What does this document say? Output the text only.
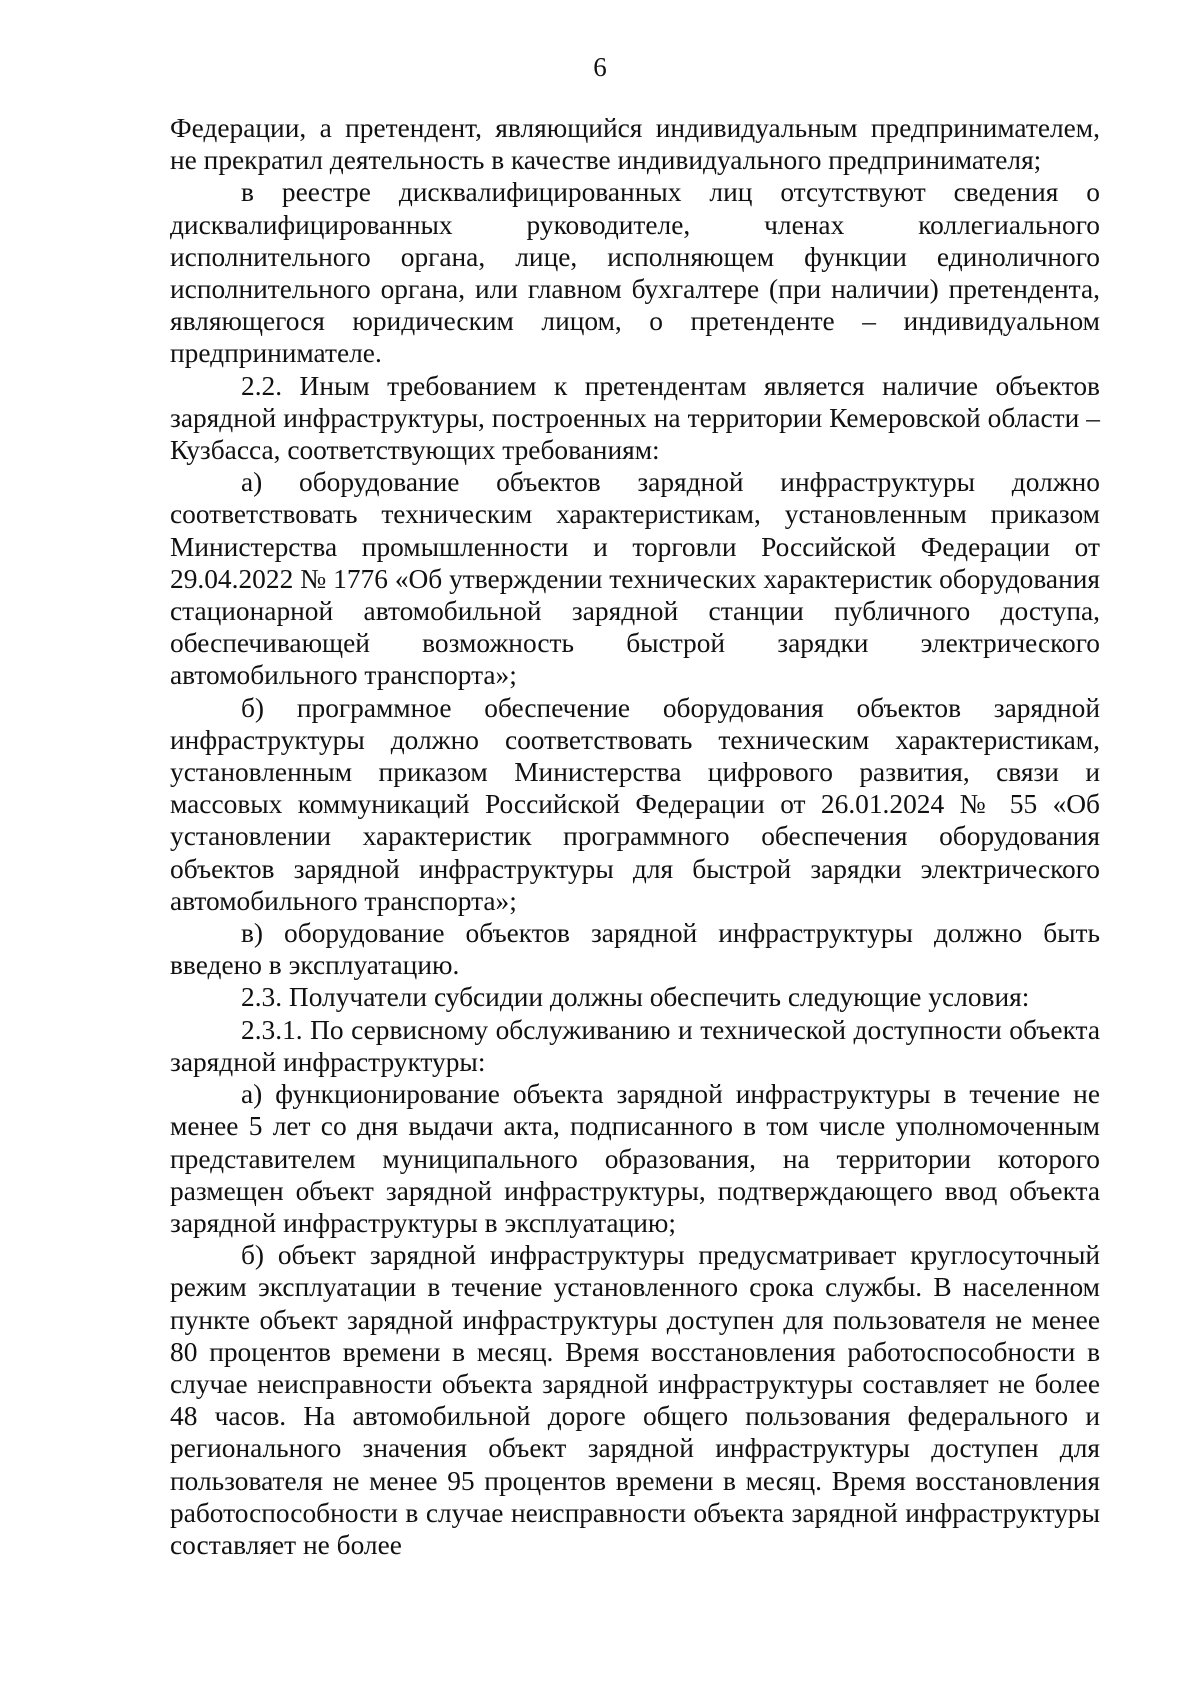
6

Федерации, а претендент, являющийся индивидуальным предпринимателем, не прекратил деятельность в качестве индивидуального предпринимателя;

в реестре дисквалифицированных лиц отсутствуют сведения о дисквалифицированных руководителе, членах коллегиального исполнительного органа, лице, исполняющем функции единоличного исполнительного органа, или главном бухгалтере (при наличии) претендента, являющегося юридическим лицом, о претенденте – индивидуальном предпринимателе.

2.2. Иным требованием к претендентам является наличие объектов зарядной инфраструктуры, построенных на территории Кемеровской области – Кузбасса, соответствующих требованиям:

а) оборудование объектов зарядной инфраструктуры должно соответствовать техническим характеристикам, установленным приказом Министерства промышленности и торговли Российской Федерации от 29.04.2022 № 1776 «Об утверждении технических характеристик оборудования стационарной автомобильной зарядной станции публичного доступа, обеспечивающей возможность быстрой зарядки электрического автомобильного транспорта»;

б) программное обеспечение оборудования объектов зарядной инфраструктуры должно соответствовать техническим характеристикам, установленным приказом Министерства цифрового развития, связи и массовых коммуникаций Российской Федерации от 26.01.2024 № 55 «Об установлении характеристик программного обеспечения оборудования объектов зарядной инфраструктуры для быстрой зарядки электрического автомобильного транспорта»;

в) оборудование объектов зарядной инфраструктуры должно быть введено в эксплуатацию.

2.3. Получатели субсидии должны обеспечить следующие условия:

2.3.1. По сервисному обслуживанию и технической доступности объекта зарядной инфраструктуры:

а) функционирование объекта зарядной инфраструктуры в течение не менее 5 лет со дня выдачи акта, подписанного в том числе уполномоченным представителем муниципального образования, на территории которого размещен объект зарядной инфраструктуры, подтверждающего ввод объекта зарядной инфраструктуры в эксплуатацию;

б) объект зарядной инфраструктуры предусматривает круглосуточный режим эксплуатации в течение установленного срока службы. В населенном пункте объект зарядной инфраструктуры доступен для пользователя не менее 80 процентов времени в месяц. Время восстановления работоспособности в случае неисправности объекта зарядной инфраструктуры составляет не более 48 часов. На автомобильной дороге общего пользования федерального и регионального значения объект зарядной инфраструктуры доступен для пользователя не менее 95 процентов времени в месяц. Время восстановления работоспособности в случае неисправности объекта зарядной инфраструктуры составляет не более
